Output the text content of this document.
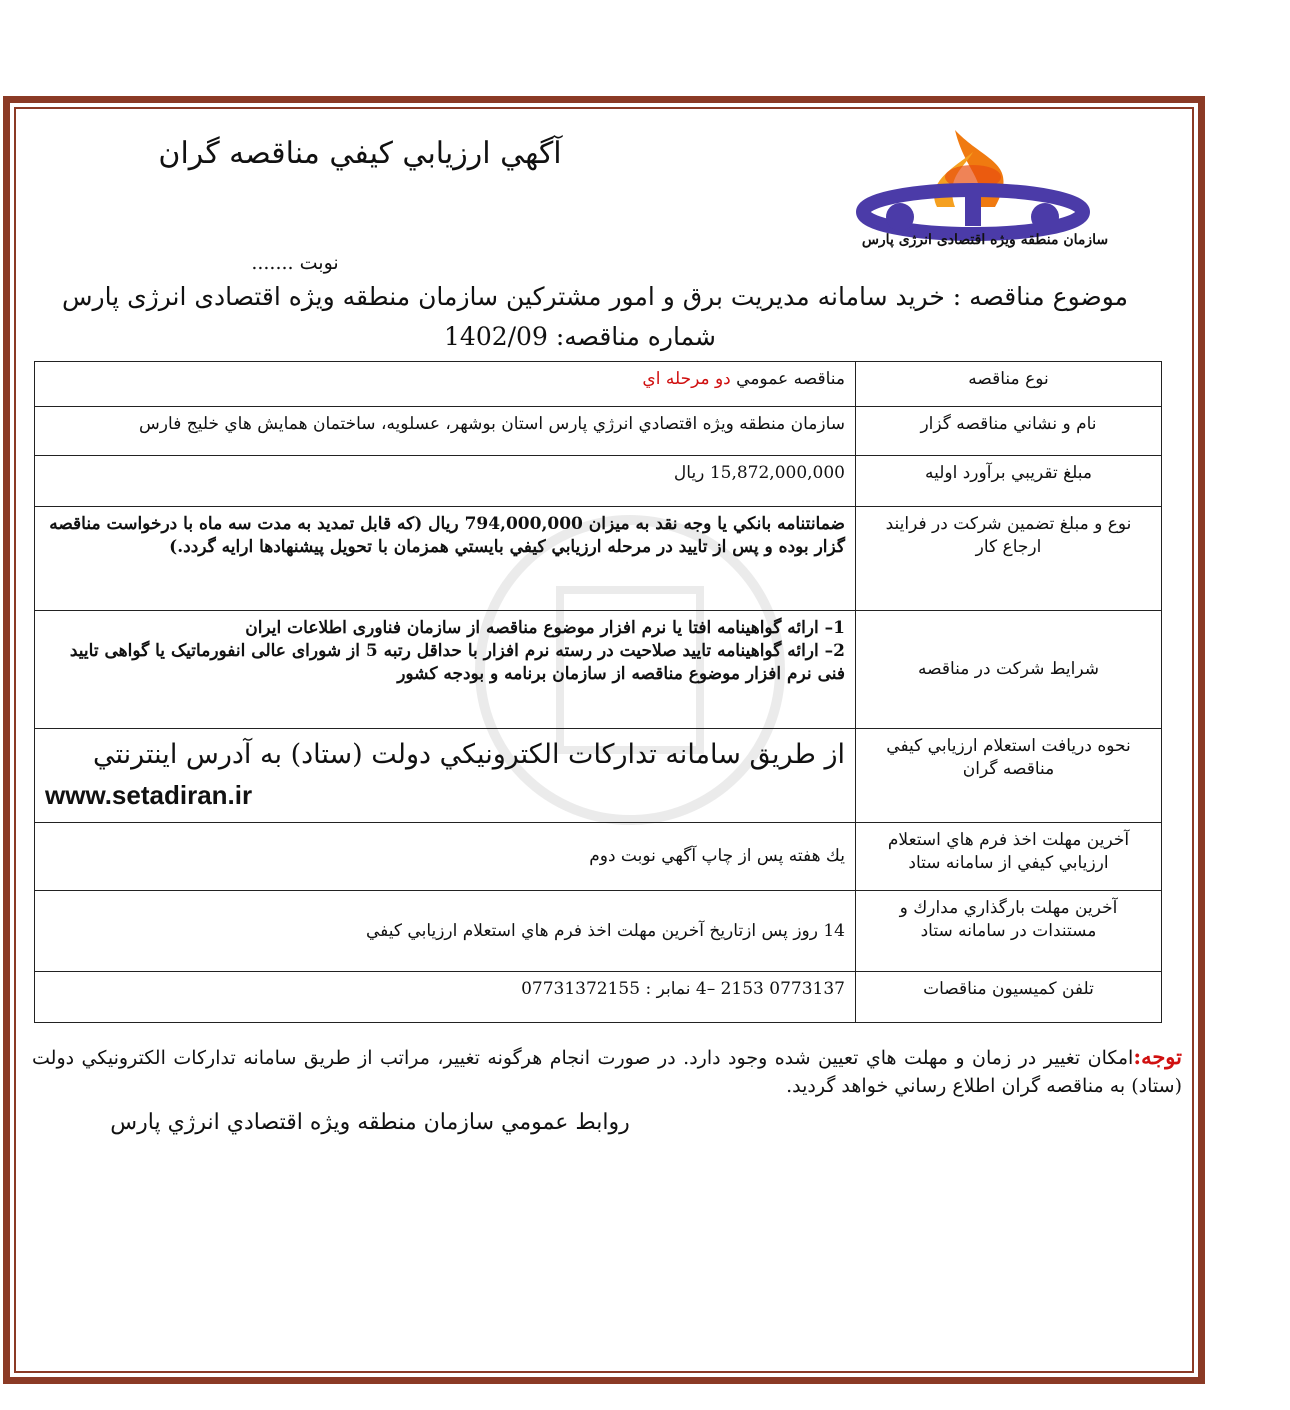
آگهي ارزيابي كيفي مناقصه گران
سازمان منطقه ويژه اقتصادی انرژی پارس
نوبت .......
موضوع مناقصه : خريد سامانه مديريت برق و امور مشتركين سازمان منطقه ويژه اقتصادی انرژی پارس
شماره مناقصه: 1402/09
نوع مناقصه	مناقصه عمومي دو مرحله اي
نام و نشاني مناقصه گزار	سازمان منطقه ويژه اقتصادي انرژي پارس استان بوشهر، عسلويه، ساختمان همايش هاي خليج فارس
مبلغ تقريبي برآورد اوليه	15,872,000,000 ريال
نوع و مبلغ تضمين شركت در فرايند ارجاع كار	ضمانتنامه بانكي يا وجه نقد به ميزان 794,000,000 ريال (كه قابل تمديد به مدت سه ماه با درخواست مناقصه گزار بوده و پس از تاييد در مرحله ارزيابي كيفي بايستي همزمان با تحويل پيشنهادها ارايه گردد.)
شرايط شركت در مناقصه	1– ارائه گواهینامه افتا یا نرم افزار موضوع مناقصه از سازمان فناوری اطلاعات ایران
2– ارائه گواهینامه تایید صلاحیت در رسته نرم افزار با حداقل رتبه 5 از شورای عالی انفورماتیک یا گواهی تایید فنی نرم افزار موضوع مناقصه از سازمان برنامه و بودجه كشور

نحوه دريافت استعلام ارزيابي كيفي مناقصه گران	از طريق سامانه تداركات الكترونيكي دولت (ستاد) به آدرس اينترنتي
www.setadiran.ir

آخرين مهلت اخذ فرم هاي استعلام ارزيابي كيفي از سامانه ستاد	يك هفته پس از چاپ آگهي نوبت دوم
آخرين مهلت بارگذاري مدارك و مستندات در سامانه ستاد	14 روز پس ازتاريخ آخرين مهلت اخذ فرم هاي استعلام ارزيابي كيفي
تلفن كميسيون مناقصات	0773137 2153 –4 نمابر : 07731372155
توجه:امكان تغيير در زمان و مهلت هاي تعيين شده وجود دارد. در صورت انجام هرگونه تغيير، مراتب از طريق سامانه تداركات الكترونيكي دولت (ستاد) به مناقصه گران اطلاع رساني خواهد گرديد.
روابط عمومي سازمان منطقه ويژه اقتصادي انرژي پارس
